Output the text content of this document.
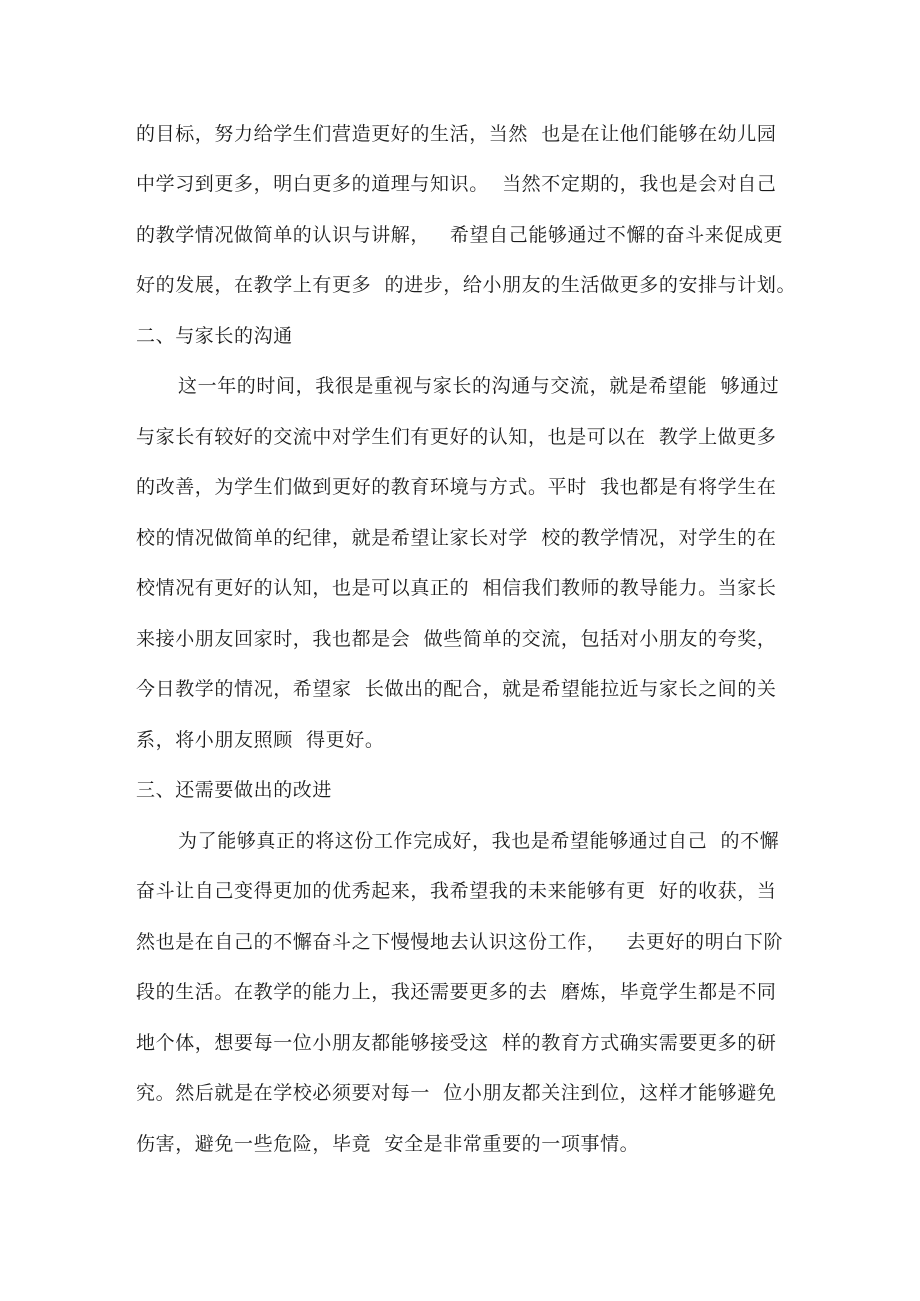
的目标，努力给学生们营造更好的生活，当然  也是在让他们能够在幼儿园
中学习到更多，明白更多的道理与知识。  当然不定期的，我也是会对自己
的教学情况做简单的认识与讲解，   希望自己能够通过不懈的奋斗来促成更
好的发展，在教学上有更多  的进步，给小朋友的生活做更多的安排与计划。
二、与家长的沟通
这一年的时间，我很是重视与家长的沟通与交流，就是希望能  够通过
与家长有较好的交流中对学生们有更好的认知，也是可以在  教学上做更多
的改善，为学生们做到更好的教育环境与方式。平时  我也都是有将学生在
校的情况做简单的纪律，就是希望让家长对学  校的教学情况，对学生的在
校情况有更好的认知，也是可以真正的  相信我们教师的教导能力。当家长
来接小朋友回家时，我也都是会  做些简单的交流，包括对小朋友的夸奖，
今日教学的情况，希望家  长做出的配合，就是希望能拉近与家长之间的关
系，将小朋友照顾  得更好。
三、还需要做出的改进
为了能够真正的将这份工作完成好，我也是希望能够通过自己  的不懈
奋斗让自己变得更加的优秀起来，我希望我的未来能够有更  好的收获，当
然也是在自己的不懈奋斗之下慢慢地去认识这份工作，   去更好的明白下阶
段的生活。在教学的能力上，我还需要更多的去  磨炼，毕竟学生都是不同
地个体，想要每一位小朋友都能够接受这  样的教育方式确实需要更多的研
究。然后就是在学校必须要对每一  位小朋友都关注到位，这样才能够避免
伤害，避免一些危险，毕竟  安全是非常重要的一项事情。
